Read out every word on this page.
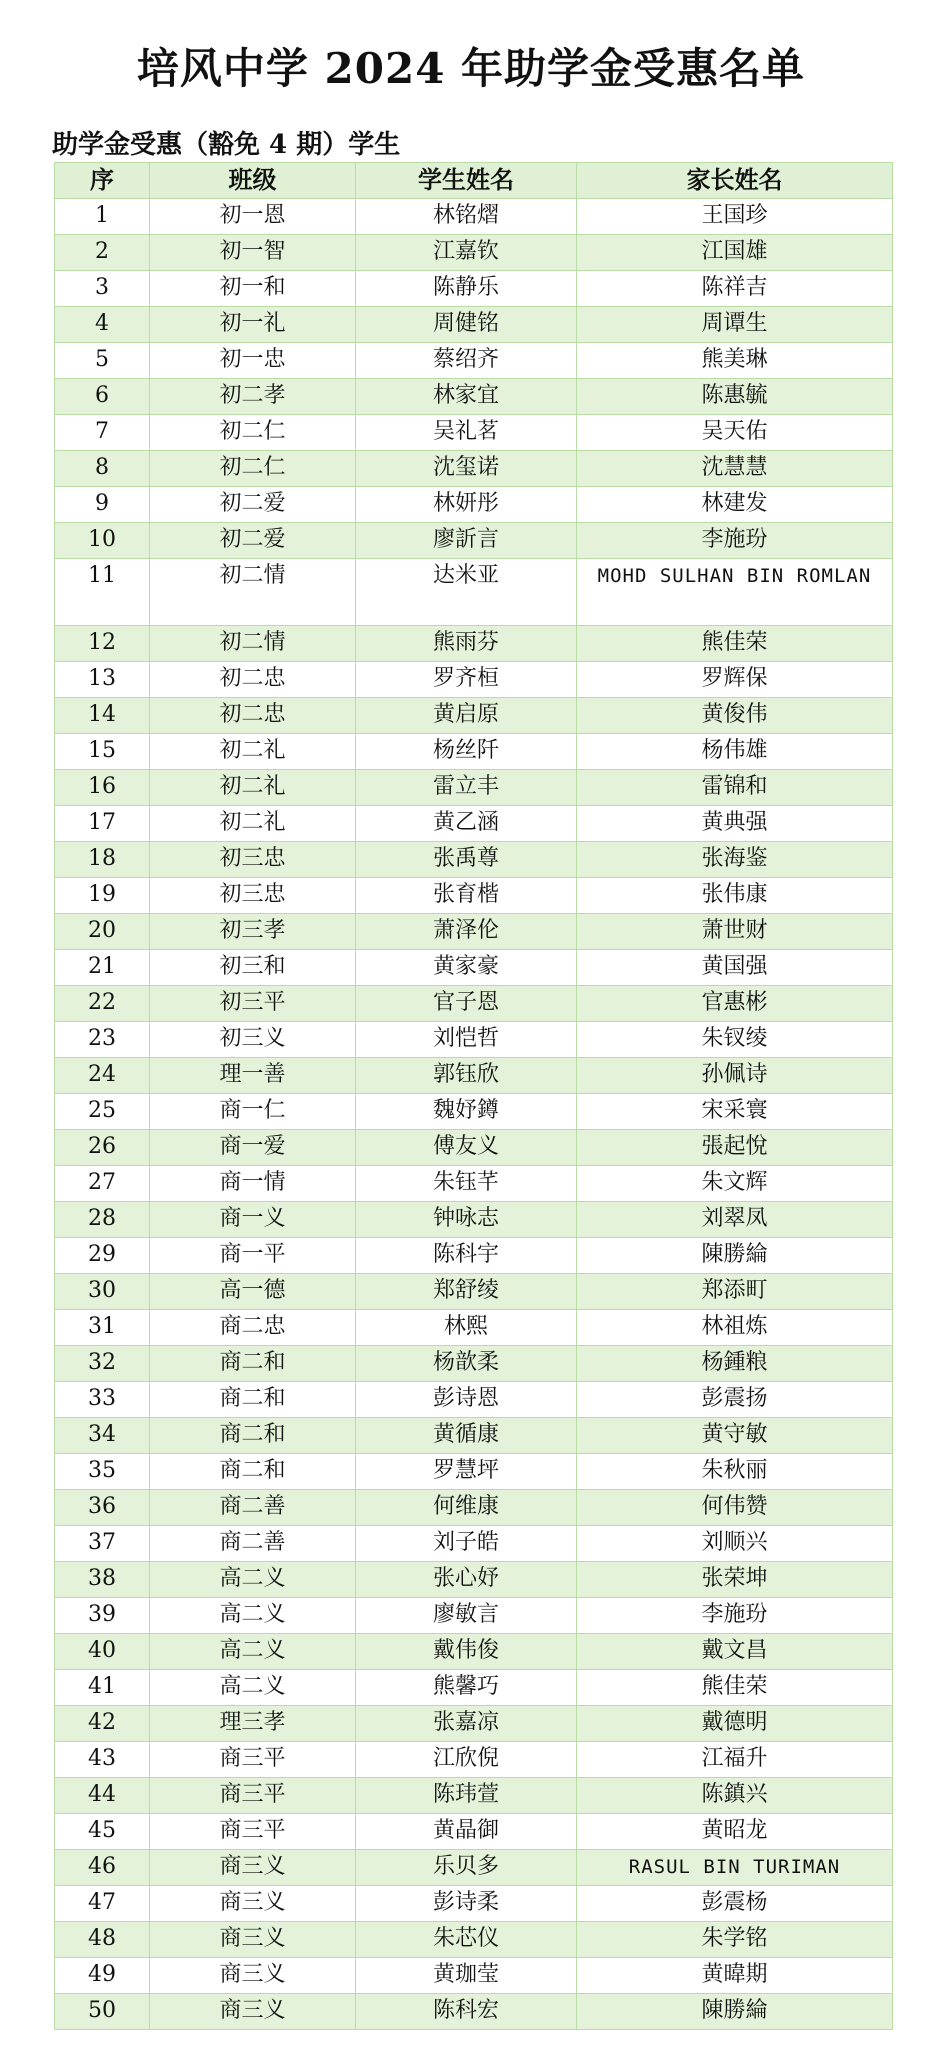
培风中学 2024 年助学金受惠名单
助学金受惠（豁免 4 期）学生
序	班级	学生姓名	家长姓名
1	初一恩	林铭熠	王国珍
2	初一智	江嘉钦	江国雄
3	初一和	陈静乐	陈祥吉
4	初一礼	周健铭	周谭生
5	初一忠	蔡绍齐	熊美琳
6	初二孝	林家宜	陈惠毓
7	初二仁	吴礼茗	吴天佑
8	初二仁	沈玺诺	沈慧慧
9	初二爱	林妍彤	林建发
10	初二爱	廖訢言	李施玢
11	初二情	达米亚	MOHD SULHAN BIN ROMLAN
12	初二情	熊雨芬	熊佳荣
13	初二忠	罗齐桓	罗辉保
14	初二忠	黄启原	黄俊伟
15	初二礼	杨丝阡	杨伟雄
16	初二礼	雷立丰	雷锦和
17	初二礼	黄乙涵	黄典强
18	初三忠	张禹尊	张海鉴
19	初三忠	张育楷	张伟康
20	初三孝	萧泽伦	萧世财
21	初三和	黄家豪	黄国强
22	初三平	官子恩	官惠彬
23	初三义	刘恺哲	朱钗绫
24	理一善	郭钰欣	孙佩诗
25	商一仁	魏妤鐏	宋采寰
26	商一爱	傅友义	張起悅
27	商一情	朱钰芊	朱文辉
28	商一义	钟咏志	刘翠凤
29	商一平	陈科宇	陳勝綸
30	高一德	郑舒绫	郑添町
31	商二忠	林熙	林祖炼
32	商二和	杨歆柔	杨鍾粮
33	商二和	彭诗恩	彭震扬
34	商二和	黄循康	黄守敏
35	商二和	罗慧坪	朱秋丽
36	商二善	何维康	何伟赞
37	商二善	刘子皓	刘顺兴
38	高二义	张心妤	张荣坤
39	高二义	廖敏言	李施玢
40	高二义	戴伟俊	戴文昌
41	高二义	熊馨巧	熊佳荣
42	理三孝	张嘉凉	戴德明
43	商三平	江欣倪	江福升
44	商三平	陈玮萱	陈鎮兴
45	商三平	黄晶御	黄昭龙
46	商三义	乐贝多	RASUL BIN TURIMAN
47	商三义	彭诗柔	彭震杨
48	商三义	朱芯仪	朱学铭
49	商三义	黄珈莹	黄暐期
50	商三义	陈科宏	陳勝綸
